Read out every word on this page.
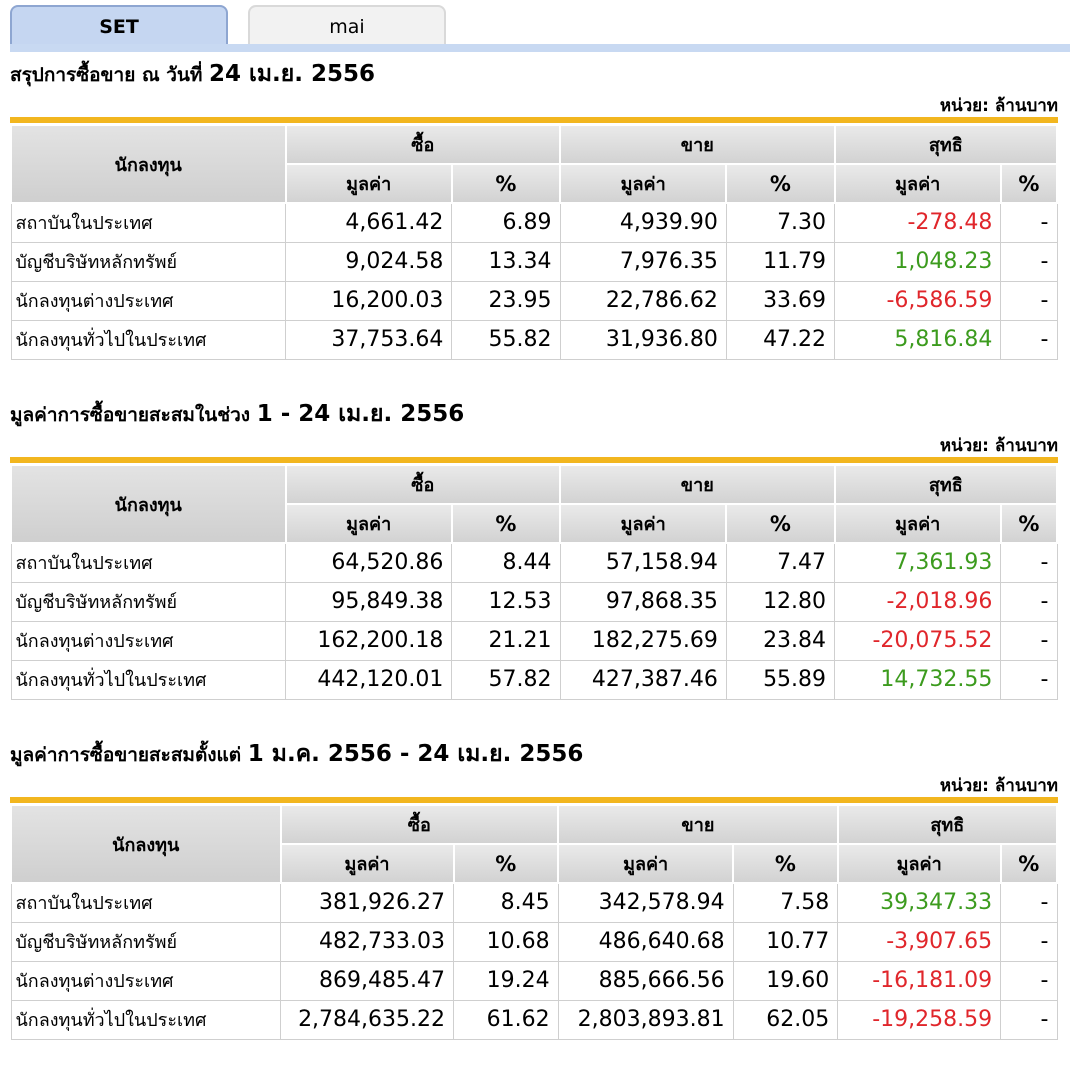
SET	mai
สรุปการซื้อขาย ณ วันที่ 24 เม.ย. 2556
หน่วย: ล้านบาท
นักลงทุน	ซื้อ		ขาย		สุทธิ	
	มูลค่า	%	มูลค่า	%	มูลค่า	%
สถาบันในประเทศ	4,661.42	6.89	4,939.90	7.30	-278.48	-
บัญชีบริษัทหลักทรัพย์	9,024.58	13.34	7,976.35	11.79	1,048.23	-
นักลงทุนต่างประเทศ	16,200.03	23.95	22,786.62	33.69	-6,586.59	-
นักลงทุนทั่วไปในประเทศ	37,753.64	55.82	31,936.80	47.22	5,816.84	-
มูลค่าการซื้อขายสะสมในช่วง 1 - 24 เม.ย. 2556
หน่วย: ล้านบาท
นักลงทุน	ซื้อ		ขาย		สุทธิ	
	มูลค่า	%	มูลค่า	%	มูลค่า	%
สถาบันในประเทศ	64,520.86	8.44	57,158.94	7.47	7,361.93	-
บัญชีบริษัทหลักทรัพย์	95,849.38	12.53	97,868.35	12.80	-2,018.96	-
นักลงทุนต่างประเทศ	162,200.18	21.21	182,275.69	23.84	-20,075.52	-
นักลงทุนทั่วไปในประเทศ	442,120.01	57.82	427,387.46	55.89	14,732.55	-
มูลค่าการซื้อขายสะสมตั้งแต่ 1 ม.ค. 2556 - 24 เม.ย. 2556
หน่วย: ล้านบาท
นักลงทุน	ซื้อ		ขาย		สุทธิ	
	มูลค่า	%	มูลค่า	%	มูลค่า	%
สถาบันในประเทศ	381,926.27	8.45	342,578.94	7.58	39,347.33	-
บัญชีบริษัทหลักทรัพย์	482,733.03	10.68	486,640.68	10.77	-3,907.65	-
นักลงทุนต่างประเทศ	869,485.47	19.24	885,666.56	19.60	-16,181.09	-
นักลงทุนทั่วไปในประเทศ	2,784,635.22	61.62	2,803,893.81	62.05	-19,258.59	-
